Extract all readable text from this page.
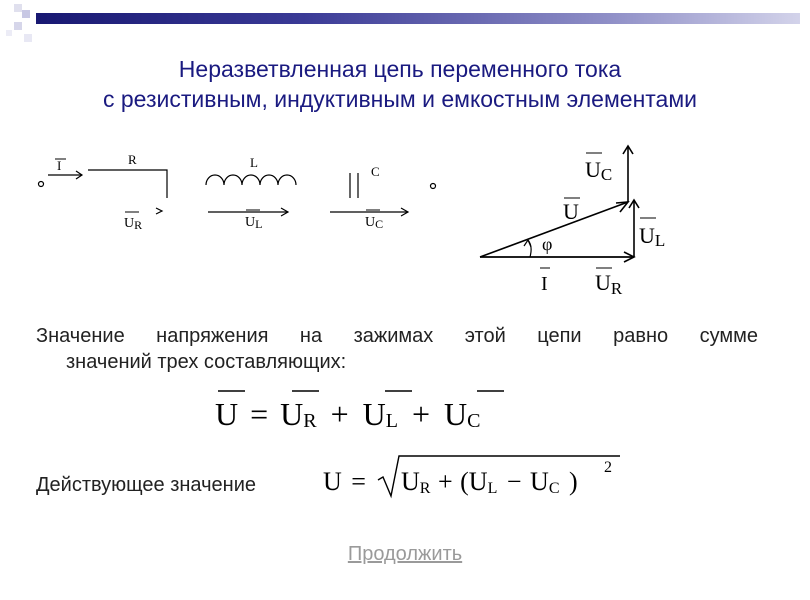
Неразветвленная цепь переменного тока
с резистивным, индуктивным и емкостным элементами
I	R	L
C
UR	UL	UC
UC
U
UL
φ
I UR
Значение напряжения на зажимах этой цепи равно сумме
значений трех составляющих:
U = UR + UL + UC
Действующее значение	U = UR + (UL − UC ) 2
Продолжить
